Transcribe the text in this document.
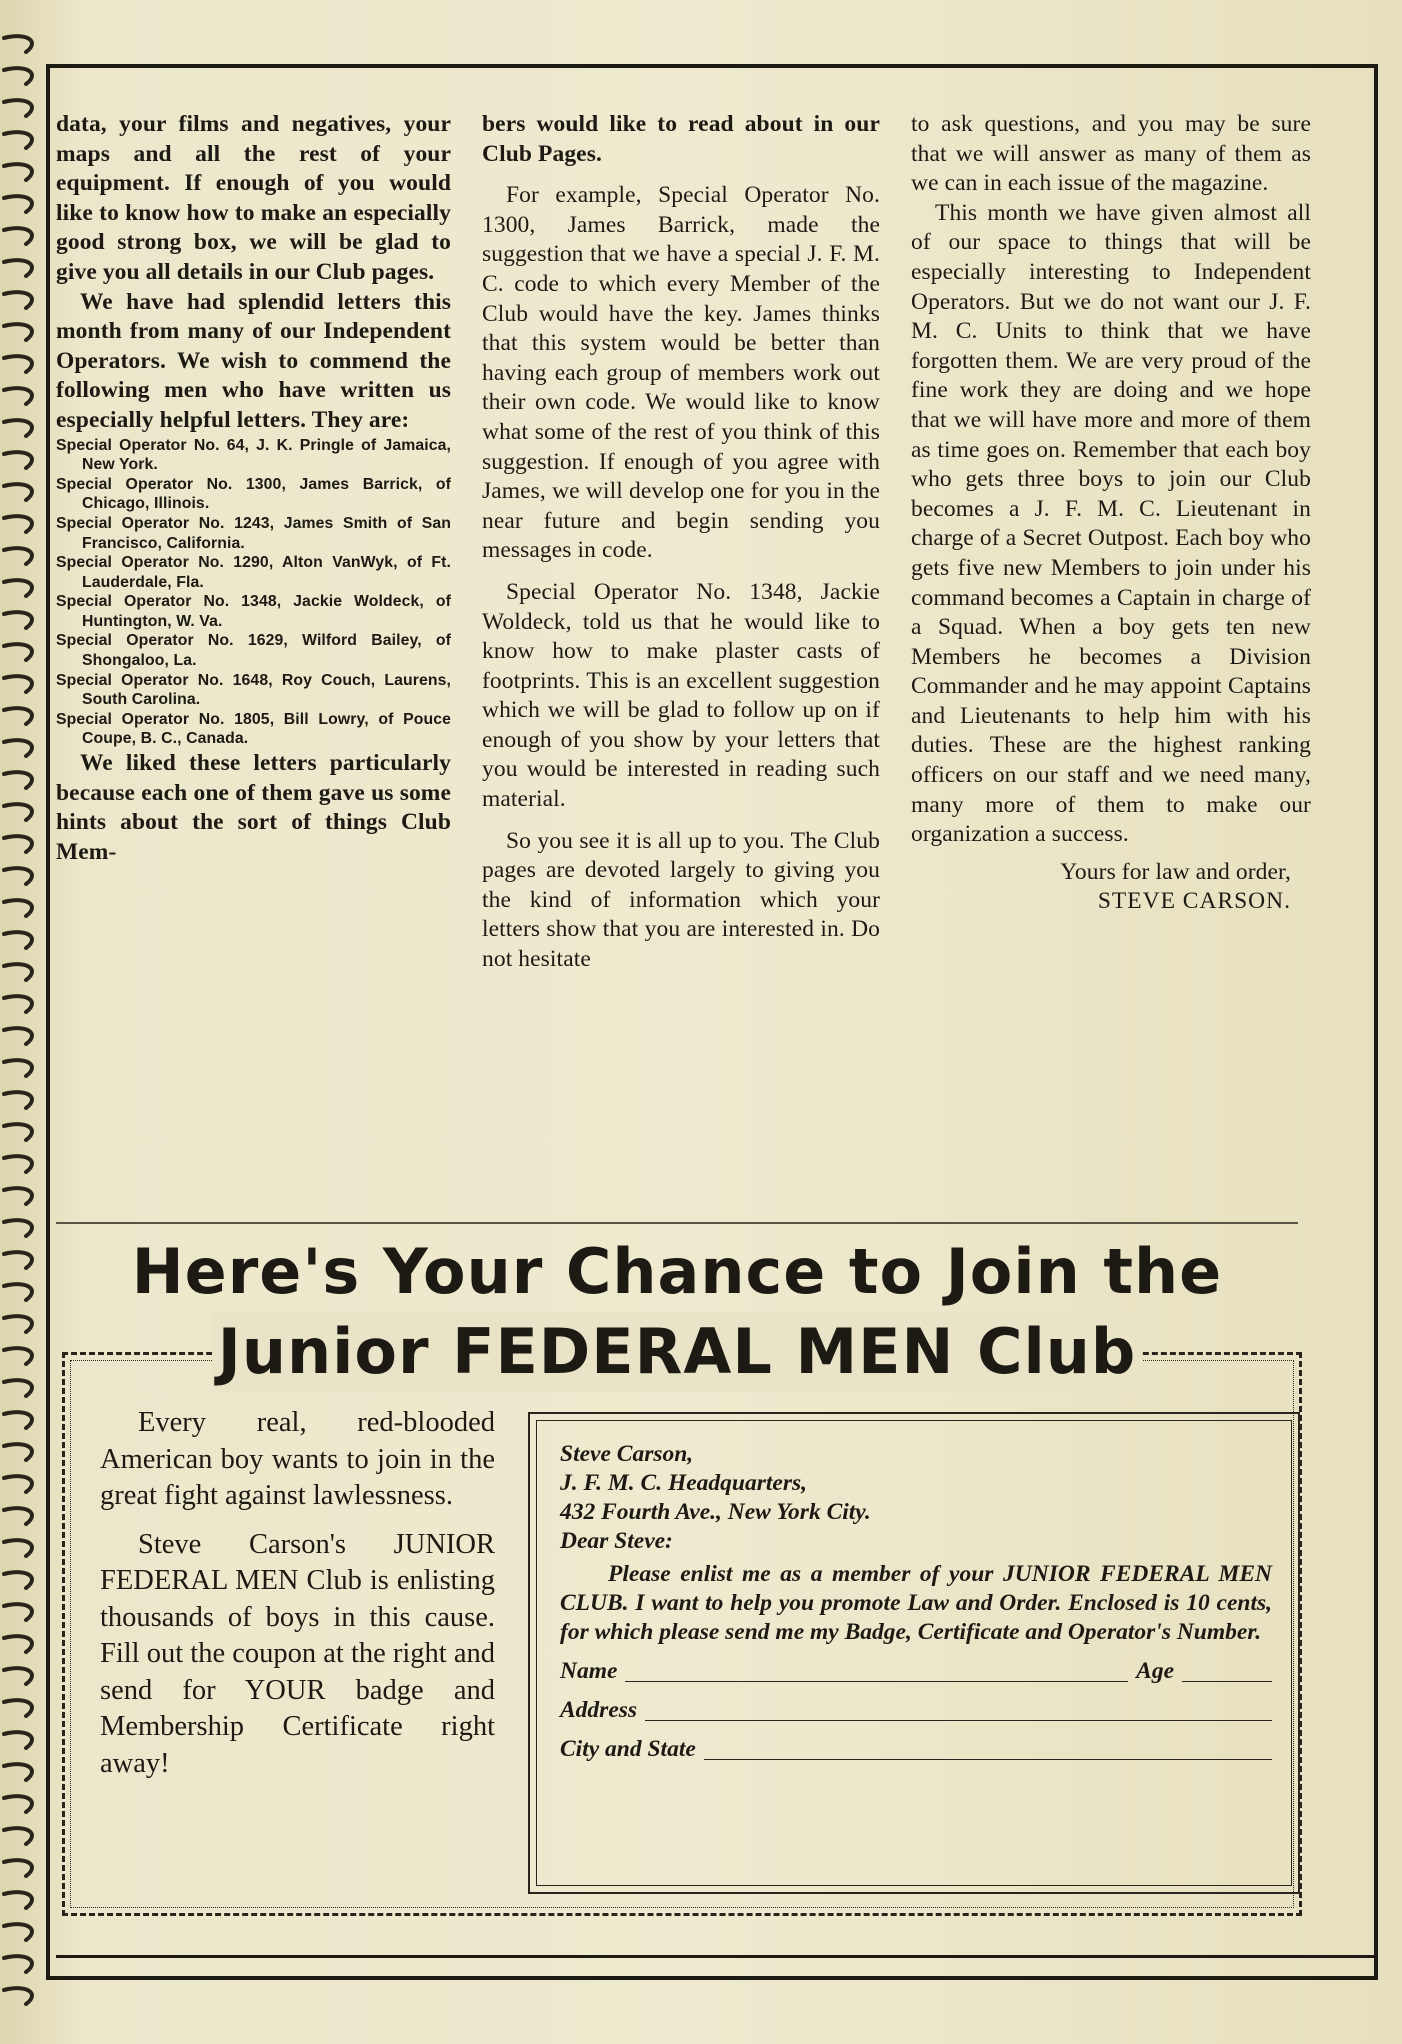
data, your films and negatives, your maps and all the rest of your equipment. If enough of you would like to know how to make an especially good strong box, we will be glad to give you all details in our Club pages.

We have had splendid letters this month from many of our Independent Operators. We wish to commend the following men who have written us especially helpful letters. They are:

Special Operator No. 64, J. K. Pringle of Jamaica, New York.
Special Operator No. 1300, James Barrick, of Chicago, Illinois.
Special Operator No. 1243, James Smith of San Francisco, California.
Special Operator No. 1290, Alton VanWyk, of Ft. Lauderdale, Fla.
Special Operator No. 1348, Jackie Woldeck, of Huntington, W. Va.
Special Operator No. 1629, Wilford Bailey, of Shongaloo, La.
Special Operator No. 1648, Roy Couch, Laurens, South Carolina.
Special Operator No. 1805, Bill Lowry, of Pouce Coupe, B. C., Canada.

We liked these letters particularly because each one of them gave us some hints about the sort of things Club Mem-

bers would like to read about in our Club Pages.

For example, Special Operator No. 1300, James Barrick, made the suggestion that we have a special J. F. M. C. code to which every Member of the Club would have the key. James thinks that this system would be better than having each group of members work out their own code. We would like to know what some of the rest of you think of this suggestion. If enough of you agree with James, we will develop one for you in the near future and begin sending you messages in code.

Special Operator No. 1348, Jackie Woldeck, told us that he would like to know how to make plaster casts of footprints. This is an excellent suggestion which we will be glad to follow up on if enough of you show by your letters that you would be interested in reading such material.

So you see it is all up to you. The Club pages are devoted largely to giving you the kind of information which your letters show that you are interested in. Do not hesitate

to ask questions, and you may be sure that we will answer as many of them as we can in each issue of the magazine.

This month we have given almost all of our space to things that will be especially interesting to Independent Operators. But we do not want our J. F. M. C. Units to think that we have forgotten them. We are very proud of the fine work they are doing and we hope that we will have more and more of them as time goes on. Remember that each boy who gets three boys to join our Club becomes a J. F. M. C. Lieutenant in charge of a Secret Outpost. Each boy who gets five new Members to join under his command becomes a Captain in charge of a Squad. When a boy gets ten new Members he becomes a Division Commander and he may appoint Captains and Lieutenants to help him with his duties. These are the highest ranking officers on our staff and we need many, many more of them to make our organization a success.

Yours for law and order,

STEVE CARSON.

Here's Your Chance to Join the
Junior FEDERAL MEN Club

Every real, red-blooded American boy wants to join in the great fight against lawlessness.

Steve Carson's JUNIOR FEDERAL MEN Club is enlisting thousands of boys in this cause. Fill out the coupon at the right and send for YOUR badge and Membership Certificate right away!

Steve Carson,

J. F. M. C. Headquarters,

432 Fourth Ave., New York City.

Dear Steve:

Please enlist me as a member of your JUNIOR FEDERAL MEN CLUB. I want to help you promote Law and Order. Enclosed is 10 cents, for which please send me my Badge, Certificate and Operator's Number.

Name	Age
Address
City and State
